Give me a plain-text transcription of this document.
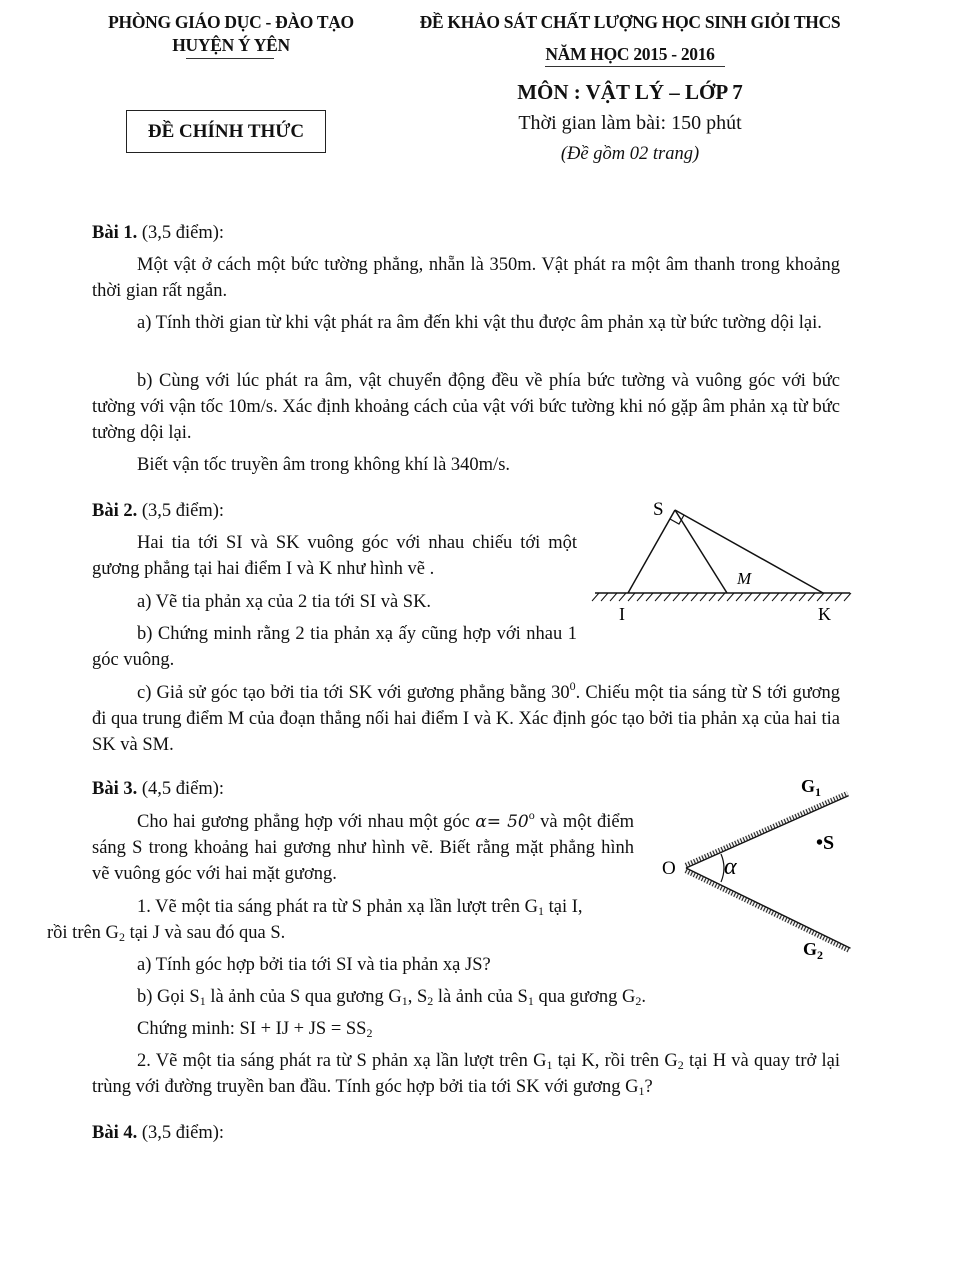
PHÒNG GIÁO DỤC - ĐÀO TẠO
HUYỆN Ý YÊN
ĐỀ KHẢO SÁT CHẤT LƯỢNG HỌC SINH GIỎI THCS
NĂM HỌC 2015 - 2016
ĐỀ CHÍNH THỨC
MÔN : VẬT LÝ – LỚP 7
Thời gian làm bài: 150 phút
(Đề gồm 02 trang)
Bài 1. (3,5 điểm):
Một vật ở cách một bức tường phẳng, nhẵn là 350m. Vật phát ra một âm thanh trong khoảng thời gian rất ngắn.
a) Tính thời gian từ khi vật phát ra âm đến khi vật thu được âm phản xạ từ bức tường dội lại.
b) Cùng với lúc phát ra âm, vật chuyển động đều về phía bức tường và vuông góc với bức tường với vận tốc 10m/s. Xác định khoảng cách của vật với bức tường khi nó gặp âm phản xạ từ bức tường dội lại.
Biết vận tốc truyền âm trong không khí là 340m/s.
Bài 2. (3,5 điểm):
Hai tia tới SI và SK vuông góc với nhau chiếu tới một gương phẳng tại hai điểm I và K như hình vẽ .
a) Vẽ tia phản xạ của 2 tia tới SI và SK.
b) Chứng minh rằng 2 tia phản xạ ấy cũng hợp với nhau 1 góc vuông.
c) Giả sử góc tạo bởi tia tới SK với gương phẳng bằng $30^0$. Chiếu một tia sáng từ S tới gương đi qua trung điểm M của đoạn thẳng nối hai điểm I và K. Xác định góc tạo bởi tia phản xạ của hai tia SK và SM.
S
M
I	K
Bài 3. (4,5 điểm):
Cho hai gương phẳng hợp với nhau một góc $\alpha= 50^o$ và một điểm sáng S trong khoảng hai gương như hình vẽ. Biết rằng mặt phẳng hình vẽ vuông góc với hai mặt gương.
1. Vẽ một tia sáng phát ra từ S phản xạ lần lượt trên $G_1$ tại I,
rồi trên $G_2$ tại J và sau đó qua S.
a) Tính góc hợp bởi tia tới SI và tia phản xạ JS?
b) Gọi $S_1$ là ảnh của S qua gương $G_1$, $S_2$ là ảnh của $S_1$ qua gương $G_2$.
Chứng minh: SI + IJ + JS = $SS_2$
2. Vẽ một tia sáng phát ra từ S phản xạ lần lượt trên $G_1$ tại K, rồi trên $G_2$ tại H và quay trở lại trùng với đường truyền ban đầu. Tính góc hợp bởi tia tới SK với gương $G_1$?
O α
•S
$G_1$
$G_2$
Bài 4. (3,5 điểm):
